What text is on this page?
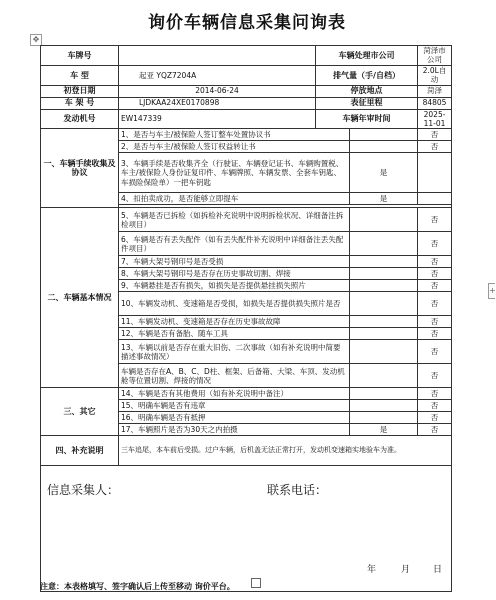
询价车辆信息采集问询表
✥
+
车牌号		车辆处理市公司		菏泽市公司
车 型	起亚 YQZ7204A	排气量（手/自档）		2.0L自动
初登日期	2014-06-24	停放地点		菏泽
车 架 号	LJDKAA24XE0170898	表征里程		84805
发动机号	EW147339	车辆年审时间		2025-11-01
一、车辆手续收集及协议	1、是否与车主/被保险人签订整车处置协议书			否
	2、是否与车主/被保险人签订权益转让书			否
	3、车辆手续是否收集齐全（行驶证、车辆登记证书、车辆购置税、车主/被保险人身份证复印件、车辆牌照、车辆发票、全套车钥匙、车损险保险单）一把车钥匙		是	
	4、扣拍卖成功，是否能够立即提车		是	

二、车辆基本情况	5、车辆是否已拆检（如拆检补充说明中说明拆检状况、详细备注拆检项目）			否
	6、车辆是否有丢失配件（如有丢失配件补充说明中详细备注丢失配件项目）			否
	7、车辆大架号钢印号是否受损			否
	8、车辆大架号钢印号是否存在历史事故切割、焊接			否
	9、车辆悬挂是否有损失，如损失是否提供悬挂损失照片			否
	10、车辆发动机、变速箱是否受损，如损失是否提供损失照片是否			否
	11、车辆发动机、变速箱是否存在历史事故故障			否
	12、车辆是否有备胎、随车工具			否
	13、车辆以前是否存在重大旧伤、二次事故（如有补充说明中简要描述事故情况）			否
	车辆是否存在A、B、C、D柱、框架、后备箱、大梁、车顶、发动机舱等位置切割、焊接的情况			否
三、其它	14、车辆是否有其他费用（如有补充说明中备注）			否
	15、明确车辆是否有违章			否
	16、明确车辆是否有抵押			否
	17、车辆照片是否为30天之内拍摄		是	否
四、补充说明	三车追尾，本车前后受损。过户车辆，后机盖无法正常打开，发动机变速箱实地验车为准。			

信息采集人： 联系电话：
年 月 日				
注意：本表格填写、签字确认后上传至移动 询价平台。
